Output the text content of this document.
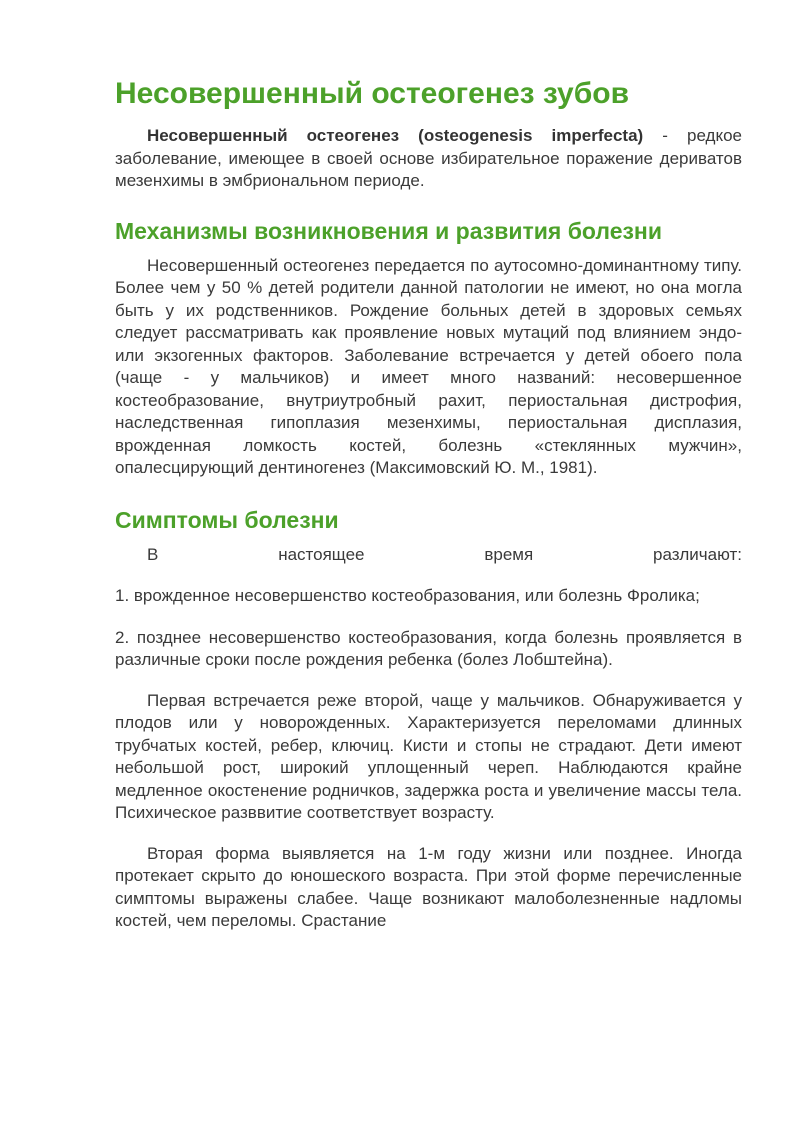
Несовершенный остеогенез зубов

Несовершенный остеогенез (osteogenesis imperfecta) - редкое заболевание, имеющее в своей основе избирательное поражение дериватов мезенхимы в эмбриональном периоде.

Механизмы возникновения и развития болезни

Несовершенный остеогенез передается по аутосомно-доминантному типу. Более чем у 50 % детей родители данной патологии не имеют, но она могла быть у их родственников. Рождение больных детей в здоровых семьях следует рассматривать как проявление новых мутаций под влиянием эндо- или экзогенных факторов. Заболевание встречается у детей обоего пола (чаще - у мальчиков) и имеет много названий: несовершенное костеобразование, внутриутробный рахит, периостальная дистрофия, наследственная гипоплазия мезенхимы, периостальная дисплазия, врожденная ломкость костей, болезнь «стеклянных мужчин», опалесцирующий дентиногенез (Максимовский Ю. М., 1981).

Симптомы болезни
В	настоящее	время	различают:

1. врожденное несовершенство костеобразования, или болезнь Фролика;

2. позднее несовершенство костеобразования, когда болезнь проявляется в различные сроки после рождения ребенка (болез Лобштейна).

Первая встречается реже второй, чаще у мальчиков. Обнаруживается у плодов или у новорожденных. Характеризуется переломами длинных трубчатых костей, ребер, ключиц. Кисти и стопы не страдают. Дети имеют небольшой рост, широкий уплощенный череп. Наблюдаются крайне медленное окостенение родничков, задержка роста и увеличение массы тела. Психическое разввитие соответствует возрасту.

Вторая форма выявляется на 1-м году жизни или позднее. Иногда протекает скрыто до юношеского возраста. При этой форме перечисленные симптомы выражены слабее. Чаще возникают малоболезненные надломы костей, чем переломы. Срастание
